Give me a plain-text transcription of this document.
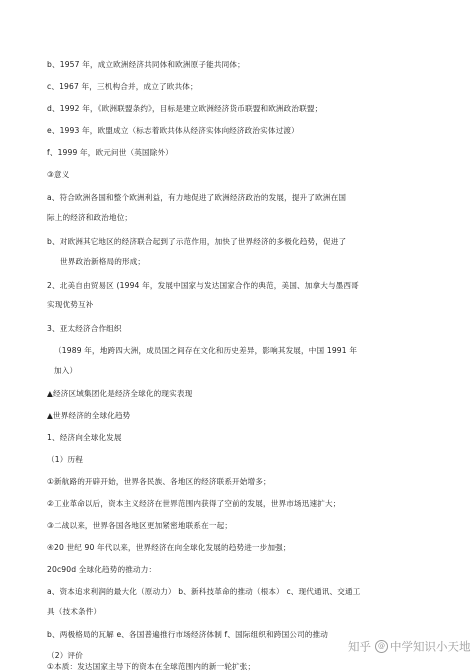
b、1957 年，成立欧洲经济共同体和欧洲原子能共同体；
c、1967 年，三机构合并，成立了欧共体；
d、1992 年，《欧洲联盟条约》，目标是建立欧洲经济货币联盟和欧洲政治联盟；
e、1993 年，欧盟成立（标志着欧共体从经济实体向经济政治实体过渡）
f、1999 年，欧元问世（英国除外）
③意义
a、符合欧洲各国和整个欧洲利益，有力地促进了欧洲经济政治的发展，提升了欧洲在国
际上的经济和政治地位；
b、对欧洲其它地区的经济联合起到了示范作用，加快了世界经济的多极化趋势，促进了
世界政治新格局的形成；
2、北美自由贸易区 (1994 年，发展中国家与发达国家合作的典范，美国、加拿大与墨西哥
实现优势互补
3、亚太经济合作组织
（1989 年，地跨四大洲，成员国之间存在文化和历史差异，影响其发展，中国 1991 年
加入）
▲经济区域集团化是经济全球化的现实表现
▲世界经济的全球化趋势
1、经济向全球化发展
（1）历程
①新航路的开辟开始，世界各民族、各地区的经济联系开始增多；
②工业革命以后，资本主义经济在世界范围内获得了空前的发展，世界市场迅速扩大；
③二战以来，世界各国各地区更加紧密地联系在一起；
④20 世纪 90 年代以来，世界经济在向全球化发展的趋势进一步加强；
20c90d 全球化趋势的推动力：
a、资本追求利润的最大化（原动力） b、新科技革命的推动（根本） c、现代通讯、交通工
具（技术条件）
b、两极格局的瓦解 e、各国普遍推行市场经济体制 f、国际组织和跨国公司的推动
（2）评价
①本质：发达国家主导下的资本在全球范围内的新一轮扩张；
知乎 @ 中学知识小天地
